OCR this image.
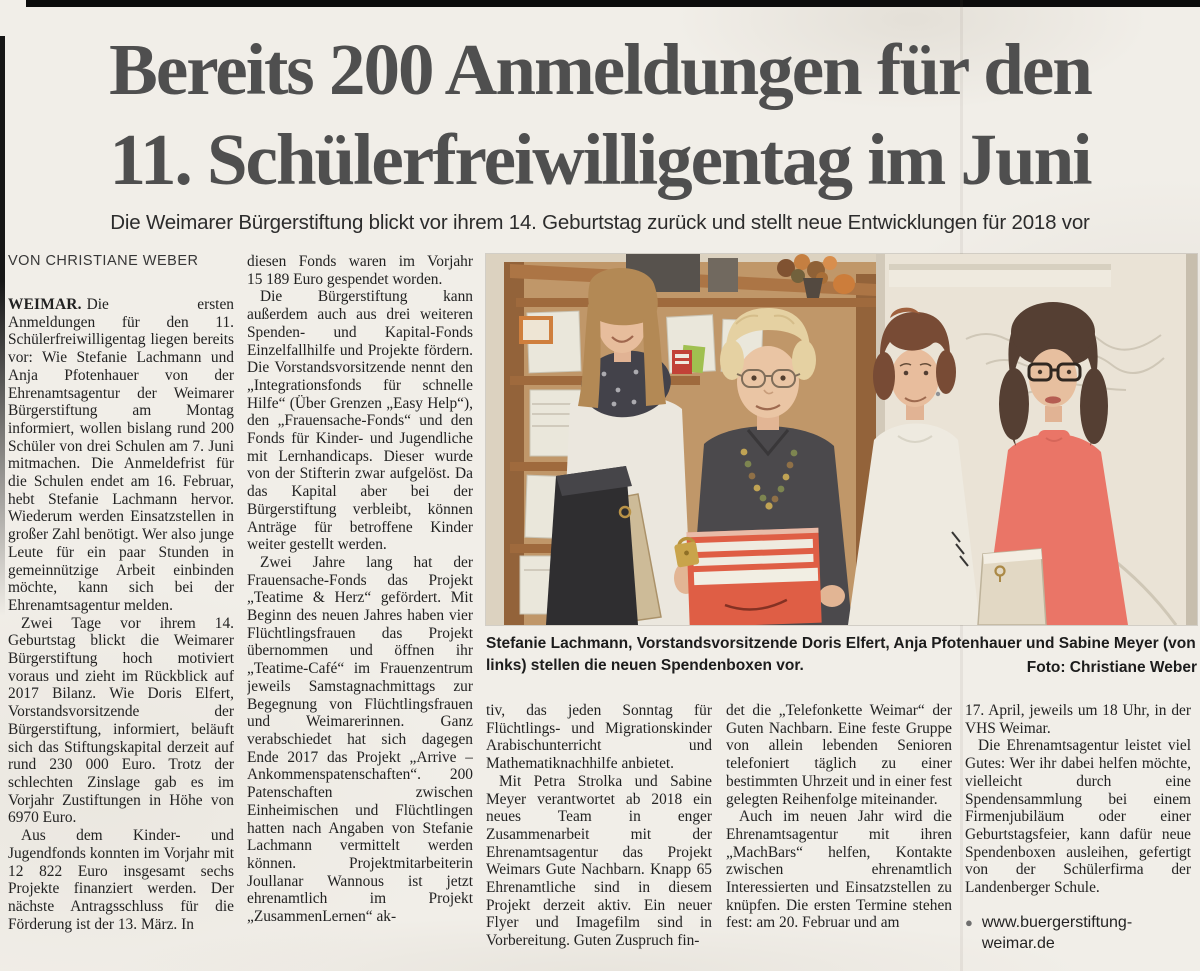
Bereits 200 Anmeldungen für den
11. Schülerfreiwilligentag im Juni
Die Weimarer Bürgerstiftung blickt vor ihrem 14. Geburtstag zurück und stellt neue Entwicklungen für 2018 vor
VON CHRISTIANE WEBER

WEIMAR. Die ersten Anmeldungen für den 11. Schülerfreiwilligentag liegen bereits vor: Wie Stefanie Lachmann und Anja Pfotenhauer von der Ehrenamtsagentur der Weimarer Bürgerstiftung am Montag informiert, wollen bislang rund 200 Schüler von drei Schulen am 7. Juni mitmachen. Die Anmeldefrist für die Schulen endet am 16. Februar, hebt Stefanie Lachmann hervor. Wiederum werden Einsatzstellen in großer Zahl benötigt. Wer also junge Leute für ein paar Stunden in gemeinnützige Arbeit einbinden möchte, kann sich bei der Ehrenamtsagentur melden.

Zwei Tage vor ihrem 14. Geburtstag blickt die Weimarer Bürgerstiftung hoch motiviert voraus und zieht im Rückblick auf 2017 Bilanz. Wie Doris Elfert, Vorstandsvorsitzende der Bürgerstiftung, informiert, beläuft sich das Stiftungskapital derzeit auf rund 230 000 Euro. Trotz der schlechten Zinslage gab es im Vorjahr Zustiftungen in Höhe von 6970 Euro.

Aus dem Kinder- und Jugendfonds konnten im Vorjahr mit 12 822 Euro insgesamt sechs Projekte finanziert werden. Der nächste Antragsschluss für die Förderung ist der 13. März. In

diesen Fonds waren im Vorjahr 15 189 Euro gespendet worden.

Die Bürgerstiftung kann außerdem auch aus drei weiteren Spenden- und Kapital-Fonds Einzelfallhilfe und Projekte fördern. Die Vorstandsvorsitzende nennt den „Integrationsfonds für schnelle Hilfe“ (Über Grenzen „Easy Help“), den „Frauensache-Fonds“ und den Fonds für Kinder- und Jugendliche mit Lernhandicaps. Dieser wurde von der Stifterin zwar aufgelöst. Da das Kapital aber bei der Bürgerstiftung verbleibt, können Anträge für betroffene Kinder weiter gestellt werden.

Zwei Jahre lang hat der Frauensache-Fonds das Projekt „Teatime & Herz“ gefördert. Mit Beginn des neuen Jahres haben vier Flüchtlingsfrauen das Projekt übernommen und öffnen ihr „Teatime-Café“ im Frauenzentrum jeweils Samstagnachmittags zur Begegnung von Flüchtlingsfrauen und Weimarerinnen. Ganz verabschiedet hat sich dagegen Ende 2017 das Projekt „Arrive – Ankommenspatenschaften“. 200 Patenschaften zwischen Einheimischen und Flüchtlingen hatten nach Angaben von Stefanie Lachmann vermittelt werden können. Projektmitarbeiterin Joullanar Wannous ist jetzt ehrenamtlich im Projekt „ZusammenLernen“ ak-

Foto: Christiane Weber
Stefanie Lachmann, Vorstandsvorsitzende Doris Elfert, Anja Pfotenhauer und Sabine Meyer (von links) stellen die neuen Spendenboxen vor.

tiv, das jeden Sonntag für Flüchtlings- und Migrationskinder Arabischunterricht und Mathematiknachhilfe anbietet.

Mit Petra Strolka und Sabine Meyer verantwortet ab 2018 ein neues Team in enger Zusammenarbeit mit der Ehrenamtsagentur das Projekt Weimars Gute Nachbarn. Knapp 65 Ehrenamtliche sind in diesem Projekt derzeit aktiv. Ein neuer Flyer und Imagefilm sind in Vorbereitung. Guten Zuspruch fin-

det die „Telefonkette Weimar“ der Guten Nachbarn. Eine feste Gruppe von allein lebenden Senioren telefoniert täglich zu einer bestimmten Uhrzeit und in einer fest gelegten Reihenfolge miteinander.

Auch im neuen Jahr wird die Ehrenamtsagentur mit ihren „MachBars“ helfen, Kontakte zwischen ehrenamtlich Interessierten und Einsatzstellen zu knüpfen. Die ersten Termine stehen fest: am 20. Februar und am

17. April, jeweils um 18 Uhr, in der VHS Weimar.

Die Ehrenamtsagentur leistet viel Gutes: Wer ihr dabei helfen möchte, vielleicht durch eine Spendensammlung bei einem Firmenjubiläum oder einer Geburtstagsfeier, kann dafür neue Spendenboxen ausleihen, gefertigt von der Schülerfirma der Landenberger Schule.

● www.buergerstiftung-weimar.de
